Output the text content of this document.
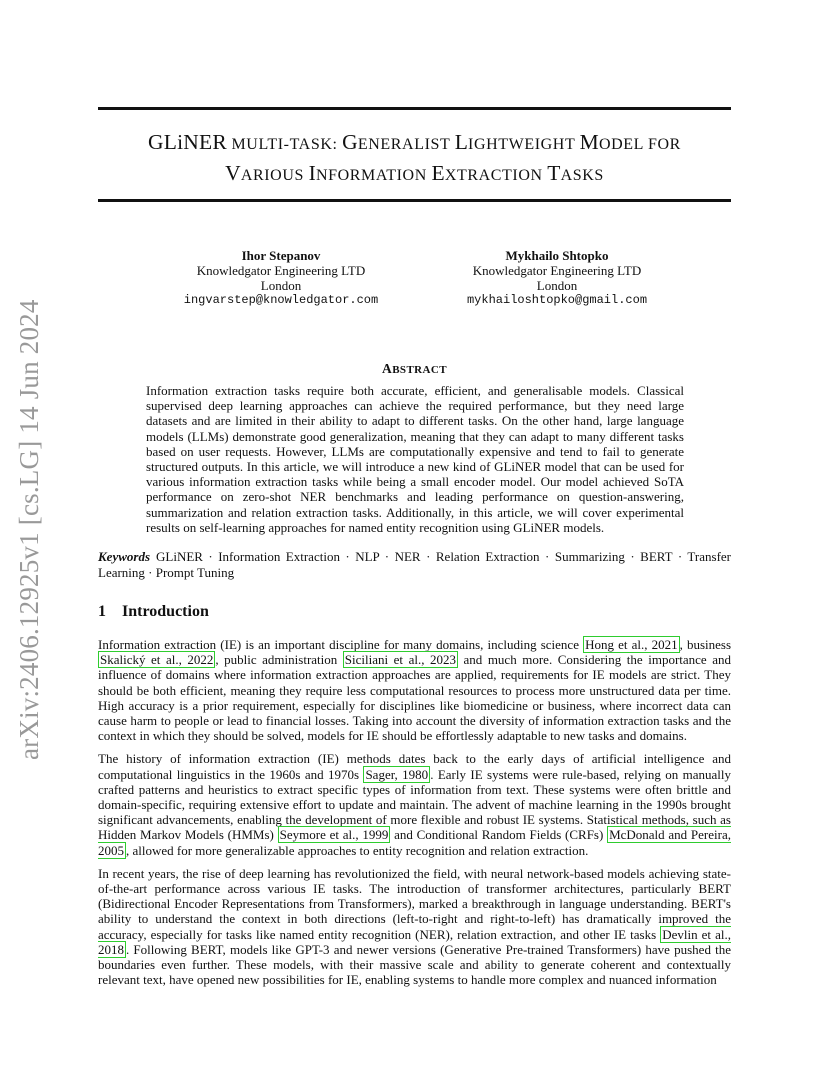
arXiv:2406.12925v1 [cs.LG] 14 Jun 2024
GLiNER MULTI-TASK: GENERALIST LIGHTWEIGHT MODEL FOR
VARIOUS INFORMATION EXTRACTION TASKS
Ihor Stepanov
Knowledgator Engineering LTD
London
ingvarstep@knowledgator.com
Mykhailo Shtopko
Knowledgator Engineering LTD
London
mykhailoshtopko@gmail.com
ABSTRACT
Information extraction tasks require both accurate, efficient, and generalisable models. Classical supervised deep learning approaches can achieve the required performance, but they need large datasets and are limited in their ability to adapt to different tasks. On the other hand, large language models (LLMs) demonstrate good generalization, meaning that they can adapt to many different tasks based on user requests. However, LLMs are computationally expensive and tend to fail to generate structured outputs. In this article, we will introduce a new kind of GLiNER model that can be used for various information extraction tasks while being a small encoder model. Our model achieved SoTA performance on zero-shot NER benchmarks and leading performance on question-answering, summarization and relation extraction tasks. Additionally, in this article, we will cover experimental results on self-learning approaches for named entity recognition using GLiNER models.
Keywords GLiNER · Information Extraction · NLP · NER · Relation Extraction · Summarizing · BERT · Transfer Learning · Prompt Tuning
1 Introduction

Information extraction (IE) is an important discipline for many domains, including science Hong et al., 2021 , business Skalický et al., 2022 , public administration Siciliani et al., 2023 and much more. Considering the importance and influence of domains where information extraction approaches are applied, requirements for IE models are strict. They should be both efficient, meaning they require less computational resources to process more unstructured data per time. High accuracy is a prior requirement, especially for disciplines like biomedicine or business, where incorrect data can cause harm to people or lead to financial losses. Taking into account the diversity of information extraction tasks and the context in which they should be solved, models for IE should be effortlessly adaptable to new tasks and domains.

The history of information extraction (IE) methods dates back to the early days of artificial intelligence and computational linguistics in the 1960s and 1970s Sager, 1980 . Early IE systems were rule-based, relying on manually crafted patterns and heuristics to extract specific types of information from text. These systems were often brittle and domain-specific, requiring extensive effort to update and maintain. The advent of machine learning in the 1990s brought significant advancements, enabling the development of more flexible and robust IE systems. Statistical methods, such as Hidden Markov Models (HMMs) Seymore et al., 1999 and Conditional Random Fields (CRFs) McDonald and Pereira, 2005 , allowed for more generalizable approaches to entity recognition and relation extraction.

In recent years, the rise of deep learning has revolutionized the field, with neural network-based models achieving state-of-the-art performance across various IE tasks. The introduction of transformer architectures, particularly BERT (Bidirectional Encoder Representations from Transformers), marked a breakthrough in language understanding. BERT's ability to understand the context in both directions (left-to-right and right-to-left) has dramatically improved the accuracy, especially for tasks like named entity recognition (NER), relation extraction, and other IE tasks Devlin et al., 2018 . Following BERT, models like GPT-3 and newer versions (Generative Pre-trained Transformers) have pushed the boundaries even further. These models, with their massive scale and ability to generate coherent and contextually relevant text, have opened new possibilities for IE, enabling systems to handle more complex and nuanced information
